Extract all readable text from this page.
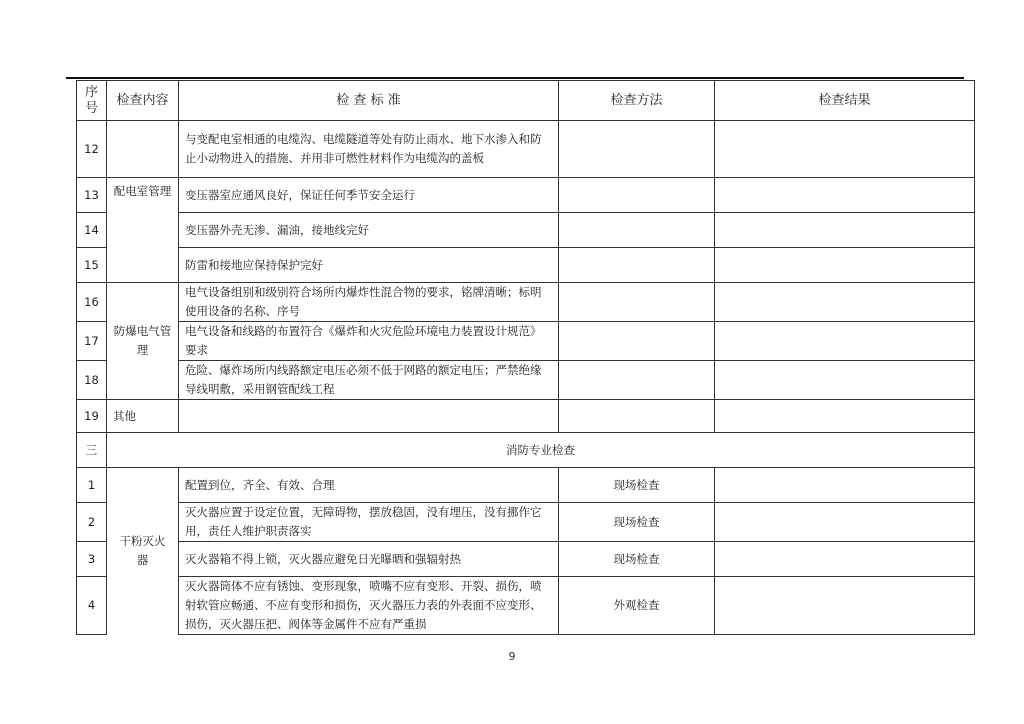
序号	检查内容	检 查 标 准	检查方法	检查结果
12		与变配电室相通的电缆沟、电缆隧道等处有防止雨水、地下水渗入和防止小动物进入的措施、并用非可燃性材料作为电缆沟的盖板		
13	配电室管理	变压器室应通风良好，保证任何季节安全运行		
14		变压器外壳无渗、漏油，接地线完好		
15		防雷和接地应保持保护完好		
16	防爆电气管理	电气设备组别和级别符合场所内爆炸性混合物的要求，铭牌清晰；标明使用设备的名称、序号		
17		电气设备和线路的布置符合《爆炸和火灾危险环境电力装置设计规范》要求		
18		危险、爆炸场所内线路额定电压必须不低于网路的额定电压；严禁绝缘导线明敷，采用钢管配线工程		
19	其他			
三	消防专业检查			
1	干粉灭火器	配置到位，齐全、有效、合理	现场检查	
2		灭火器应置于设定位置，无障碍物，摆放稳固，没有埋压，没有挪作它用，责任人维护职责落实	现场检查	
3		灭火器箱不得上锁，灭火器应避免日光曝晒和强辐射热	现场检查	
4		灭火器筒体不应有锈蚀、变形现象，喷嘴不应有变形、开裂、损伤，喷射软管应畅通、不应有变形和损伤，灭火器压力表的外表面不应变形、损伤，灭火器压把、阀体等金属件不应有严重损	外观检查	
9
